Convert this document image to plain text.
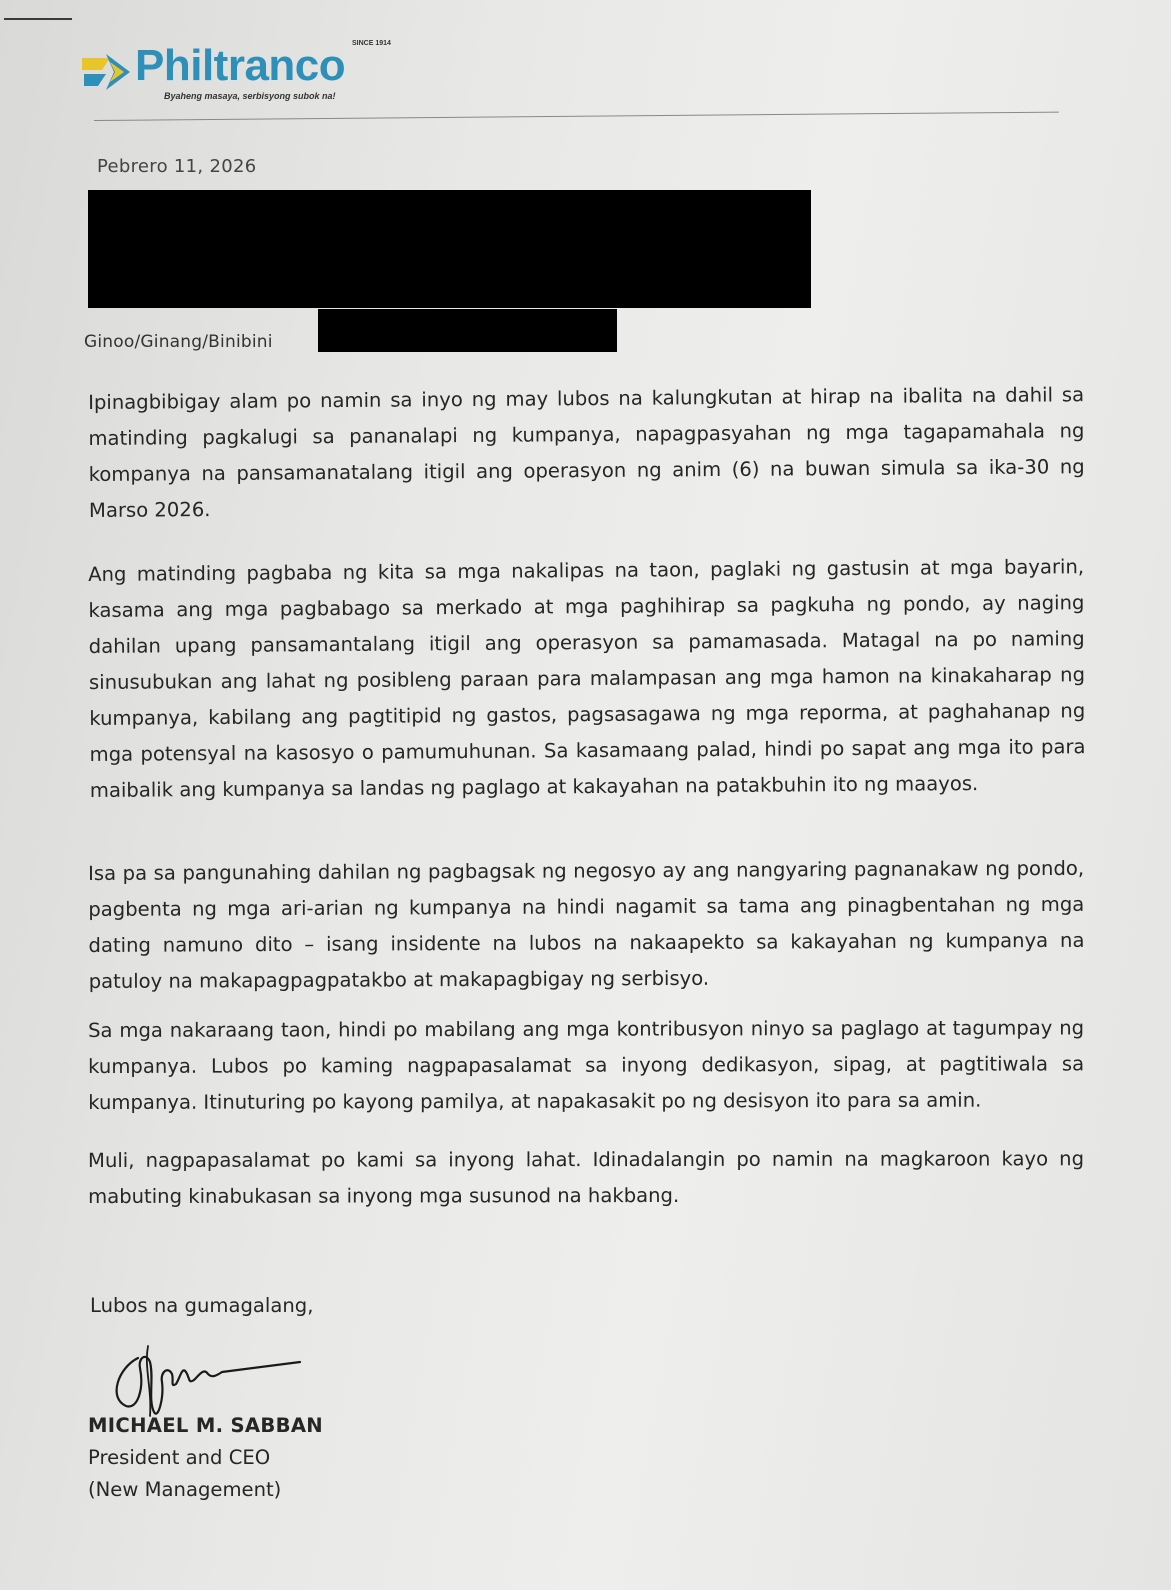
Philtranco SINCE 1914
Byaheng masaya, serbisyong subok na!
Pebrero 11, 2026
Ginoo/Ginang/Binibini
Ipinagbibigay alam po namin sa inyo ng may lubos na kalungkutan at hirap na ibalita na dahil sa matinding pagkalugi sa pananalapi ng kumpanya, napagpasyahan ng mga tagapamahala ng kompanya na pansamanatalang itigil ang operasyon ng anim (6) na buwan simula sa ika-30 ng Marso 2026.
Ang matinding pagbaba ng kita sa mga nakalipas na taon, paglaki ng gastusin at mga bayarin, kasama ang mga pagbabago sa merkado at mga paghihirap sa pagkuha ng pondo, ay naging dahilan upang pansamantalang itigil ang operasyon sa pamamasada. Matagal na po naming sinusubukan ang lahat ng posibleng paraan para malampasan ang mga hamon na kinakaharap ng kumpanya, kabilang ang pagtitipid ng gastos, pagsasagawa ng mga reporma, at paghahanap ng mga potensyal na kasosyo o pamumuhunan. Sa kasamaang palad, hindi po sapat ang mga ito para maibalik ang kumpanya sa landas ng paglago at kakayahan na patakbuhin ito ng maayos.
Isa pa sa pangunahing dahilan ng pagbagsak ng negosyo ay ang nangyaring pagnanakaw ng pondo, pagbenta ng mga ari-arian ng kumpanya na hindi nagamit sa tama ang pinagbentahan ng mga dating namuno dito – isang insidente na lubos na nakaapekto sa kakayahan ng kumpanya na patuloy na makapagpagpatakbo at makapagbigay ng serbisyo.
Sa mga nakaraang taon, hindi po mabilang ang mga kontribusyon ninyo sa paglago at tagumpay ng kumpanya. Lubos po kaming nagpapasalamat sa inyong dedikasyon, sipag, at pagtitiwala sa kumpanya. Itinuturing po kayong pamilya, at napakasakit po ng desisyon ito para sa amin.
Muli, nagpapasalamat po kami sa inyong lahat. Idinadalangin po namin na magkaroon kayo ng mabuting kinabukasan sa inyong mga susunod na hakbang.
Lubos na gumagalang,
MICHAEL M. SABBAN
President and CEO
(New Management)
